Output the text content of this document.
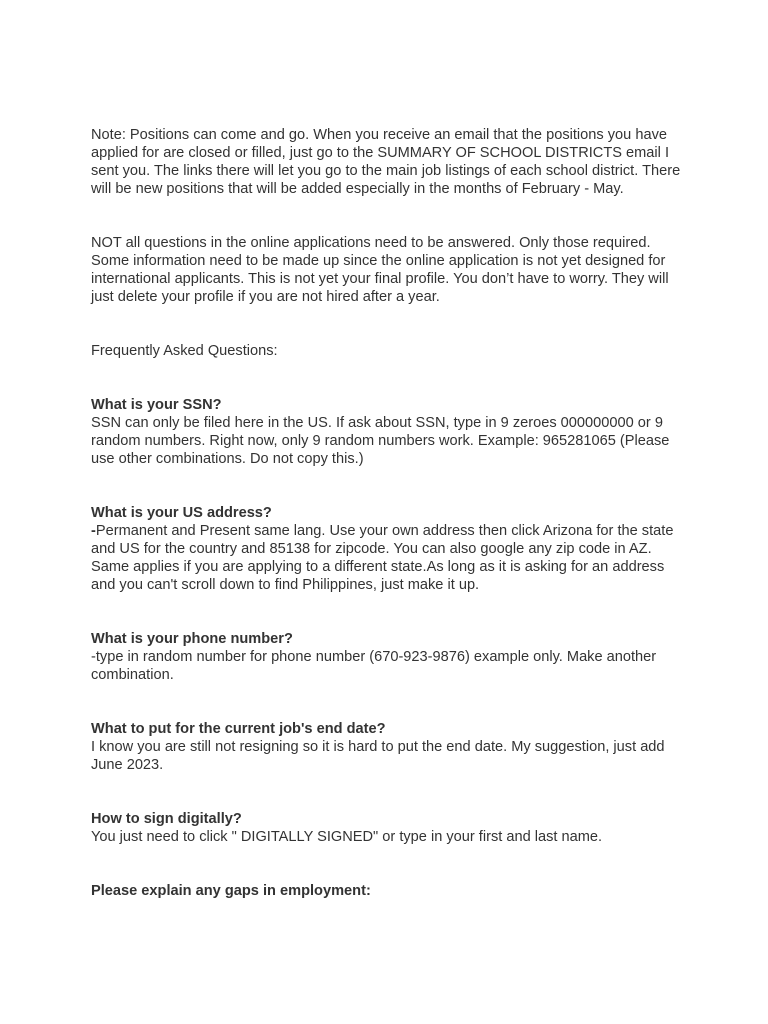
Note: Positions can come and go. When you receive an email that the positions you have applied for are closed or filled, just go to the SUMMARY OF SCHOOL DISTRICTS email I sent you. The links there will let you go to the main job listings of each school district. There will be new positions that will be added especially in the months of February - May.

NOT all questions in the online applications need to be answered. Only those required. Some information need to be made up since the online application is not yet designed for international applicants. This is not yet your final profile. You don’t have to worry. They will just delete your profile if you are not hired after a year.

Frequently Asked Questions:

What is your SSN?

SSN can only be filed here in the US. If ask about SSN, type in 9 zeroes 000000000 or 9 random numbers. Right now, only 9 random numbers work. Example: 965281065 (Please use other combinations. Do not copy this.)

What is your US address?

-Permanent and Present same lang. Use your own address then click Arizona for the state and US for the country and 85138 for zipcode. You can also google any zip code in AZ. Same applies if you are applying to a different state.As long as it is asking for an address and you can't scroll down to find Philippines, just make it up.

What is your phone number?

-type in random number for phone number (670-923-9876) example only. Make another combination.

What to put for the current job's end date?

I know you are still not resigning so it is hard to put the end date. My suggestion, just add June 2023.

How to sign digitally?

You just need to click " DIGITALLY SIGNED" or type in your first and last name.

Please explain any gaps in employment:
